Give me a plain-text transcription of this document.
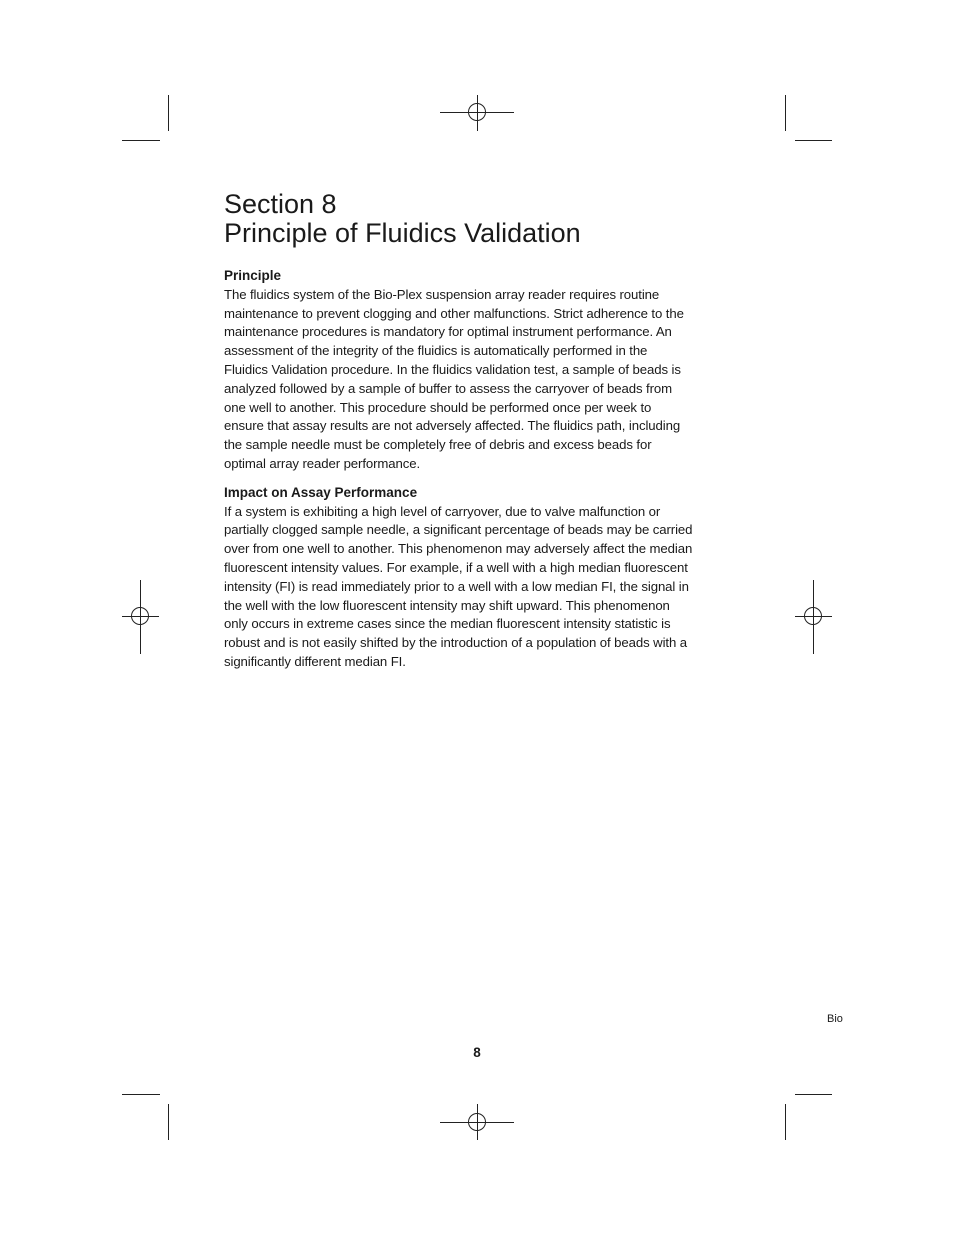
Section 8
Principle of Fluidics Validation
Principle

The fluidics system of the Bio-Plex suspension array reader requires routine
maintenance to prevent clogging and other malfunctions. Strict adherence to the
maintenance procedures is mandatory for optimal instrument performance. An
assessment of the integrity of the fluidics is automatically performed in the
Fluidics Validation procedure. In the fluidics validation test, a sample of beads is
analyzed followed by a sample of buffer to assess the carryover of beads from
one well to another. This procedure should be performed once per week to
ensure that assay results are not adversely affected. The fluidics path, including
the sample needle must be completely free of debris and excess beads for
optimal array reader performance.

Impact on Assay Performance

If a system is exhibiting a high level of carryover, due to valve malfunction or
partially clogged sample needle, a significant percentage of beads may be carried
over from one well to another. This phenomenon may adversely affect the median
fluorescent intensity values. For example, if a well with a high median fluorescent
intensity (FI) is read immediately prior to a well with a low median FI, the signal in
the well with the low fluorescent intensity may shift upward. This phenomenon
only occurs in extreme cases since the median fluorescent intensity statistic is
robust and is not easily shifted by the introduction of a population of beads with a
significantly different median FI.

Bio
8
